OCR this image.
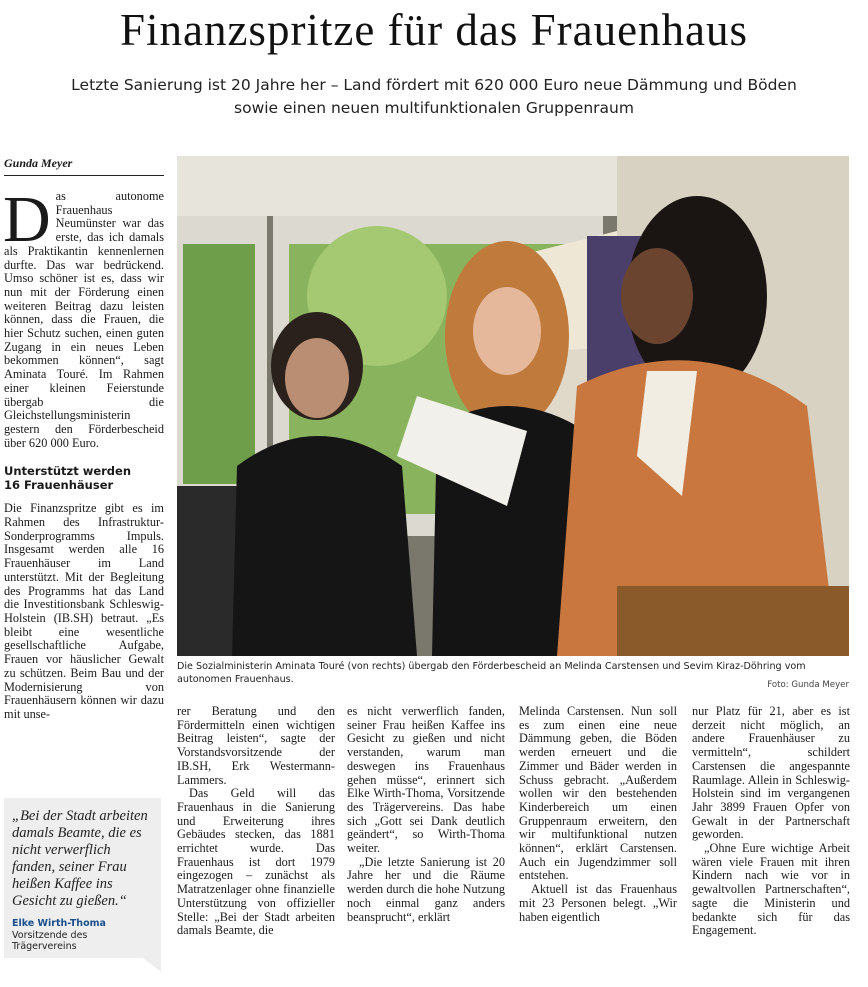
Finanzspritze für das Frauenhaus
Letzte Sanierung ist 20 Jahre her – Land fördert mit 620 000 Euro neue Dämmung und Böden
sowie einen neuen multifunktionalen Gruppenraum
Gunda Meyer
D as autonome Frauenhaus Neumünster war das erste, das ich damals als Praktikantin kennenlernen durfte. Das war bedrückend. Umso schöner ist es, dass wir nun mit der Förderung einen weiteren Beitrag dazu leisten können, dass die Frauen, die hier Schutz suchen, einen guten Zugang in ein neues Leben bekommen können“, sagt Aminata Touré. Im Rahmen einer kleinen Feierstunde übergab die Gleichstellungsministerin gestern den Förderbescheid über 620 000 Euro.
Unterstützt werden
16 Frauenhäuser
Die Finanzspritze gibt es im Rahmen des Infrastruktur-Sonderprogramms Impuls. Insgesamt werden alle 16 Frauenhäuser im Land unterstützt. Mit der Begleitung des Programms hat das Land die Investitionsbank Schleswig-Holstein (IB.SH) betraut. „Es bleibt eine wesentliche gesellschaftliche Aufgabe, Frauen vor häuslicher Gewalt zu schützen. Beim Bau und der Modernisierung von Frauenhäusern können wir dazu mit unse-
„Bei der Stadt arbeiten damals Beamte, die es nicht verwerflich fanden, seiner Frau heißen Kaffee ins Gesicht zu gießen.“
Elke Wirth-Thoma
Vorsitzende des Trägervereins
Die Sozialministerin Aminata Touré (von rechts) übergab den Förderbescheid an Melinda Carstensen und Sevim Kiraz-Döhring vom autonomen Frauenhaus.	Foto: Gunda Meyer

rer Beratung und den Fördermitteln einen wichtigen Beitrag leisten“, sagte der Vorstandsvorsitzende der IB.SH, Erk Westermann-Lammers.

Das Geld will das Frauenhaus in die Sanierung und Erweiterung ihres Gebäudes stecken, das 1881 errichtet wurde. Das Frauenhaus ist dort 1979 eingezogen – zunächst als Matratzenlager ohne finanzielle Unterstützung von offizieller Stelle: „Bei der Stadt arbeiten damals Beamte, die

es nicht verwerflich fanden, seiner Frau heißen Kaffee ins Gesicht zu gießen und nicht verstanden, warum man deswegen ins Frauenhaus gehen müsse“, erinnert sich Elke Wirth-Thoma, Vorsitzende des Trägervereins. Das habe sich „Gott sei Dank deutlich geändert“, so Wirth-Thoma weiter.

„Die letzte Sanierung ist 20 Jahre her und die Räume werden durch die hohe Nutzung noch einmal ganz anders beansprucht“, erklärt

Melinda Carstensen. Nun soll es zum einen eine neue Dämmung geben, die Böden werden erneuert und die Zimmer und Bäder werden in Schuss gebracht. „Außerdem wollen wir den bestehenden Kinderbereich um einen Gruppenraum erweitern, den wir multifunktional nutzen können“, erklärt Carstensen. Auch ein Jugendzimmer soll entstehen.

Aktuell ist das Frauenhaus mit 23 Personen belegt. „Wir haben eigentlich

nur Platz für 21, aber es ist derzeit nicht möglich, an andere Frauenhäuser zu vermitteln“, schildert Carstensen die angespannte Raumlage. Allein in Schleswig-Holstein sind im vergangenen Jahr 3899 Frauen Opfer von Gewalt in der Partnerschaft geworden.

„Ohne Eure wichtige Arbeit wären viele Frauen mit ihren Kindern nach wie vor in gewaltvollen Partnerschaften“, sagte die Ministerin und bedankte sich für das Engagement.
